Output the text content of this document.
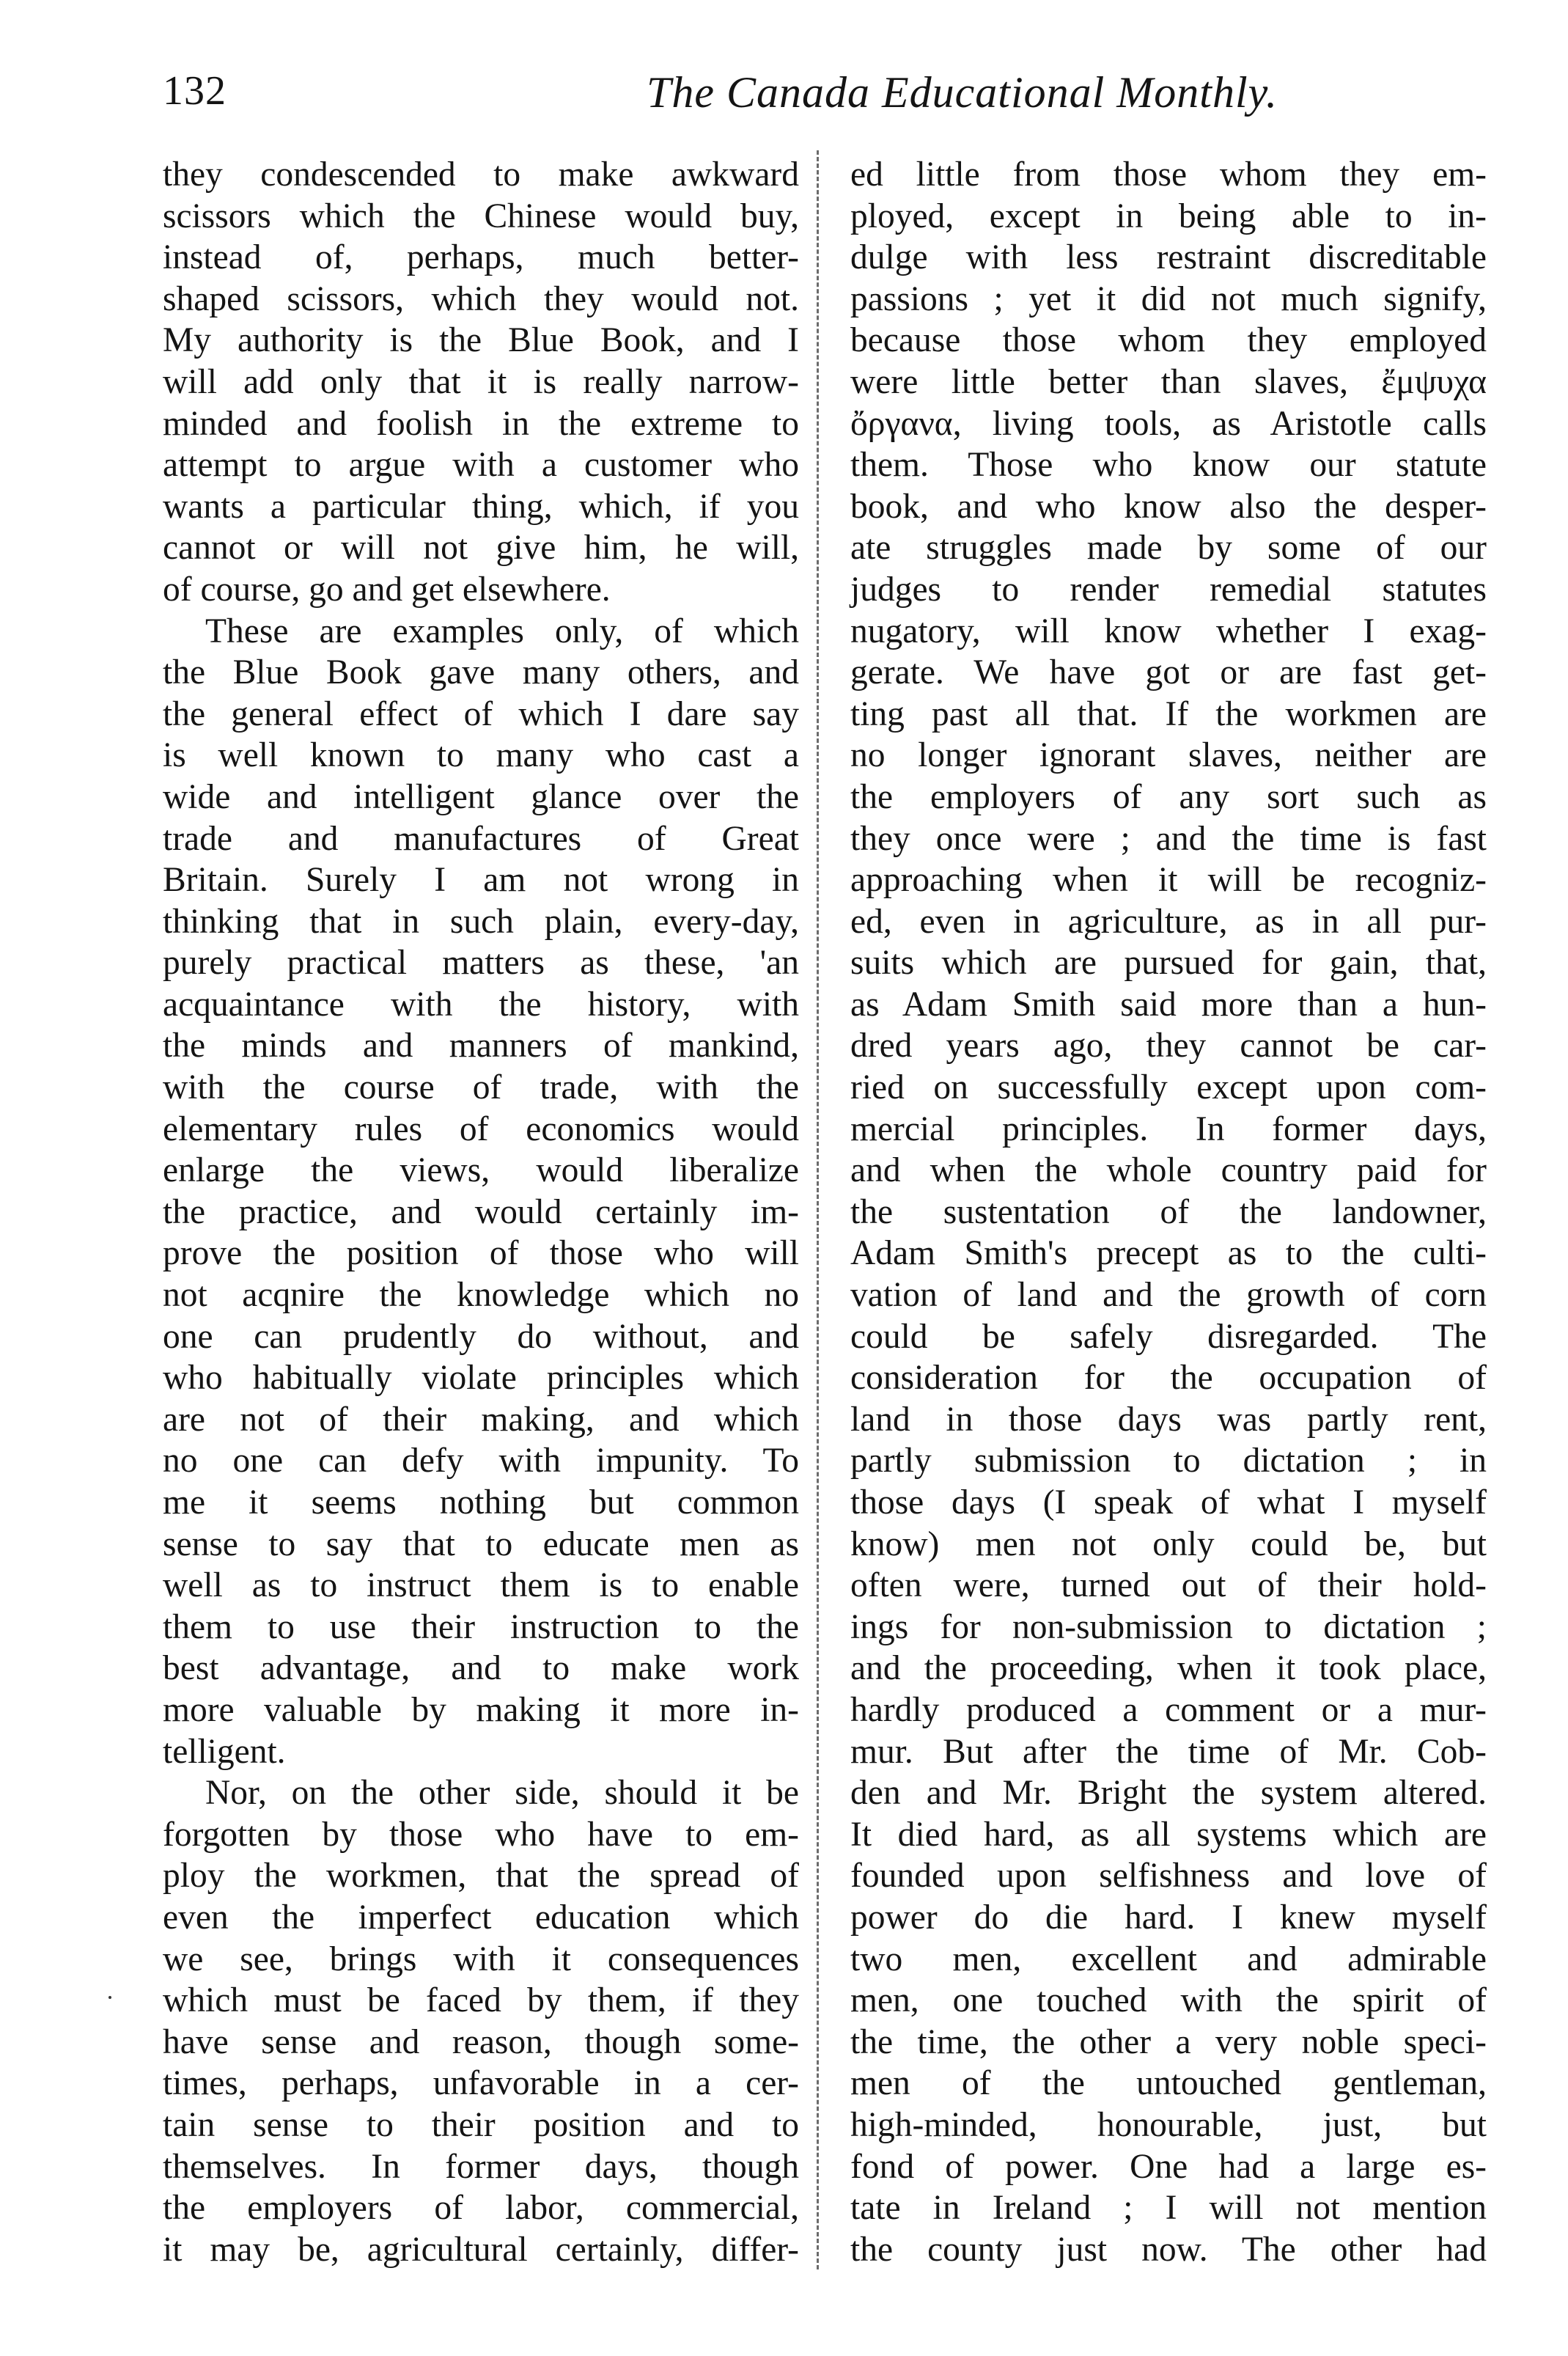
132	The Canada Educational Monthly.
they condescended to make awkward
scissors which the Chinese would buy,
instead of, perhaps, much better-
shaped scissors, which they would not.
My authority is the Blue Book, and I
will add only that it is really narrow-
minded and foolish in the extreme to
attempt to argue with a customer who
wants a particular thing, which, if you
cannot or will not give him, he will,
of course, go and get elsewhere.
These are examples only, of which
the Blue Book gave many others, and
the general effect of which I dare say
is well known to many who cast a
wide and intelligent glance over the
trade and manufactures of Great
Britain. Surely I am not wrong in
thinking that in such plain, every-day,
purely practical matters as these, 'an
acquaintance with the history, with
the minds and manners of mankind,
with the course of trade, with the
elementary rules of economics would
enlarge the views, would liberalize
the practice, and would certainly im-
prove the position of those who will
not acqnire the knowledge which no
one can prudently do without, and
who habitually violate principles which
are not of their making, and which
no one can defy with impunity. To
me it seems nothing but common
sense to say that to educate men as
well as to instruct them is to enable
them to use their instruction to the
best advantage, and to make work
more valuable by making it more in-
telligent.
Nor, on the other side, should it be
forgotten by those who have to em-
ploy the workmen, that the spread of
even the imperfect education which
we see, brings with it consequences
which must be faced by them, if they
have sense and reason, though some-
times, perhaps, unfavorable in a cer-
tain sense to their position and to
themselves. In former days, though
the employers of labor, commercial,
it may be, agricultural certainly, differ-
ed little from those whom they em-
ployed, except in being able to in-
dulge with less restraint discreditable
passions ; yet it did not much signify,
because those whom they employed
were little better than slaves, ἔμψυχα
ὄργανα, living tools, as Aristotle calls
them. Those who know our statute
book, and who know also the desper-
ate struggles made by some of our
judges to render remedial statutes
nugatory, will know whether I exag-
gerate. We have got or are fast get-
ting past all that. If the workmen are
no longer ignorant slaves, neither are
the employers of any sort such as
they once were ; and the time is fast
approaching when it will be recogniz-
ed, even in agriculture, as in all pur-
suits which are pursued for gain, that,
as Adam Smith said more than a hun-
dred years ago, they cannot be car-
ried on successfully except upon com-
mercial principles. In former days,
and when the whole country paid for
the sustentation of the landowner,
Adam Smith's precept as to the culti-
vation of land and the growth of corn
could be safely disregarded. The
consideration for the occupation of
land in those days was partly rent,
partly submission to dictation ; in
those days (I speak of what I myself
know) men not only could be, but
often were, turned out of their hold-
ings for non-submission to dictation ;
and the proceeding, when it took place,
hardly produced a comment or a mur-
mur. But after the time of Mr. Cob-
den and Mr. Bright the system altered.
It died hard, as all systems which are
founded upon selfishness and love of
power do die hard. I knew myself
two men, excellent and admirable
men, one touched with the spirit of
the time, the other a very noble speci-
men of the untouched gentleman,
high-minded, honourable, just, but
fond of power. One had a large es-
tate in Ireland ; I will not mention
the county just now. The other had
